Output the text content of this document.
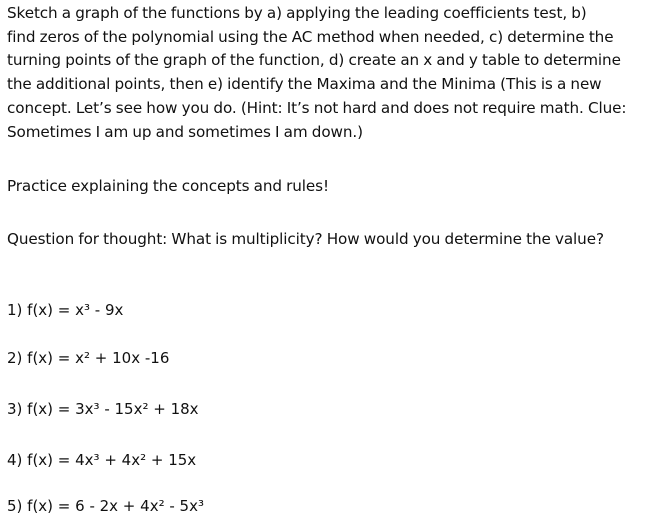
Sketch a graph of the functions by a) applying the leading coefficients test, b)
find zeros of the polynomial using the AC method when needed, c) determine the
turning points of the graph of the function, d) create an x and y table to determine
the additional points, then e) identify the Maxima and the Minima (This is a new
concept. Let’s see how you do. (Hint: It’s not hard and does not require math. Clue:
Sometimes I am up and sometimes I am down.)
Practice explaining the concepts and rules!
Question for thought: What is multiplicity? How would you determine the value?
1) f(x) = x³ - 9x
2) f(x) = x² + 10x -16
3) f(x) = 3x³ - 15x² + 18x
4) f(x) = 4x³ + 4x² + 15x
5) f(x) = 6 - 2x + 4x² - 5x³
